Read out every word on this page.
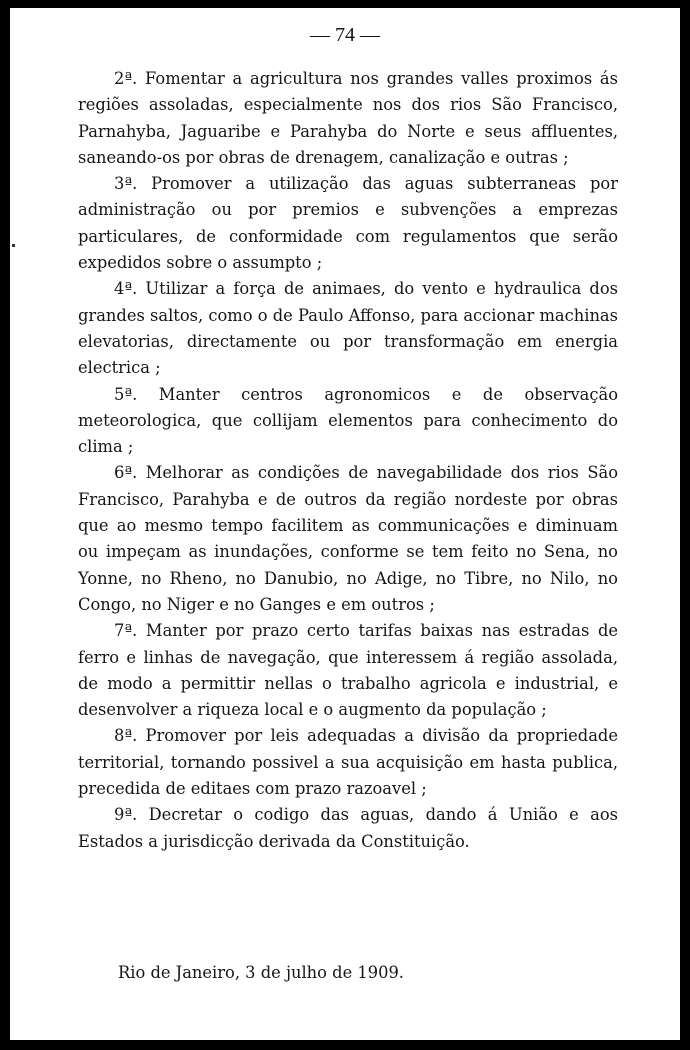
— 74 —

2ª. Fomentar a agricultura nos grandes valles proximos ás regiões assoladas, especialmente nos dos rios São Francisco, Parnahyba, Jaguaribe e Parahyba do Norte e seus affluentes, saneando-os por obras de drenagem, canalização e outras ;

3ª. Promover a utilização das aguas subterraneas por administração ou por premios e subvenções a emprezas particulares, de conformidade com regulamentos que serão expedidos sobre o assumpto ;

4ª. Utilizar a força de animaes, do vento e hydraulica dos grandes saltos, como o de Paulo Affonso, para accionar machinas elevatorias, directamente ou por transformação em energia electrica ;

5ª. Manter centros agronomicos e de observação meteorologica, que collijam elementos para conhecimento do clima ;

6ª. Melhorar as condições de navegabilidade dos rios São Francisco, Parahyba e de outros da região nordeste por obras que ao mesmo tempo facilitem as communicações e diminuam ou impeçam as inundações, conforme se tem feito no Sena, no Yonne, no Rheno, no Danubio, no Adige, no Tibre, no Nilo, no Congo, no Niger e no Ganges e em outros ;

7ª. Manter por prazo certo tarifas baixas nas estradas de ferro e linhas de navegação, que interessem á região assolada, de modo a permittir nellas o trabalho agricola e industrial, e desenvolver a riqueza local e o augmento da população ;

8ª. Promover por leis adequadas a divisão da propriedade territorial, tornando possivel a sua acquisição em hasta publica, precedida de editaes com prazo razoavel ;

9ª. Decretar o codigo das aguas, dando á União e aos Estados a jurisdicção derivada da Constituição.

Rio de Janeiro, 3 de julho de 1909.
